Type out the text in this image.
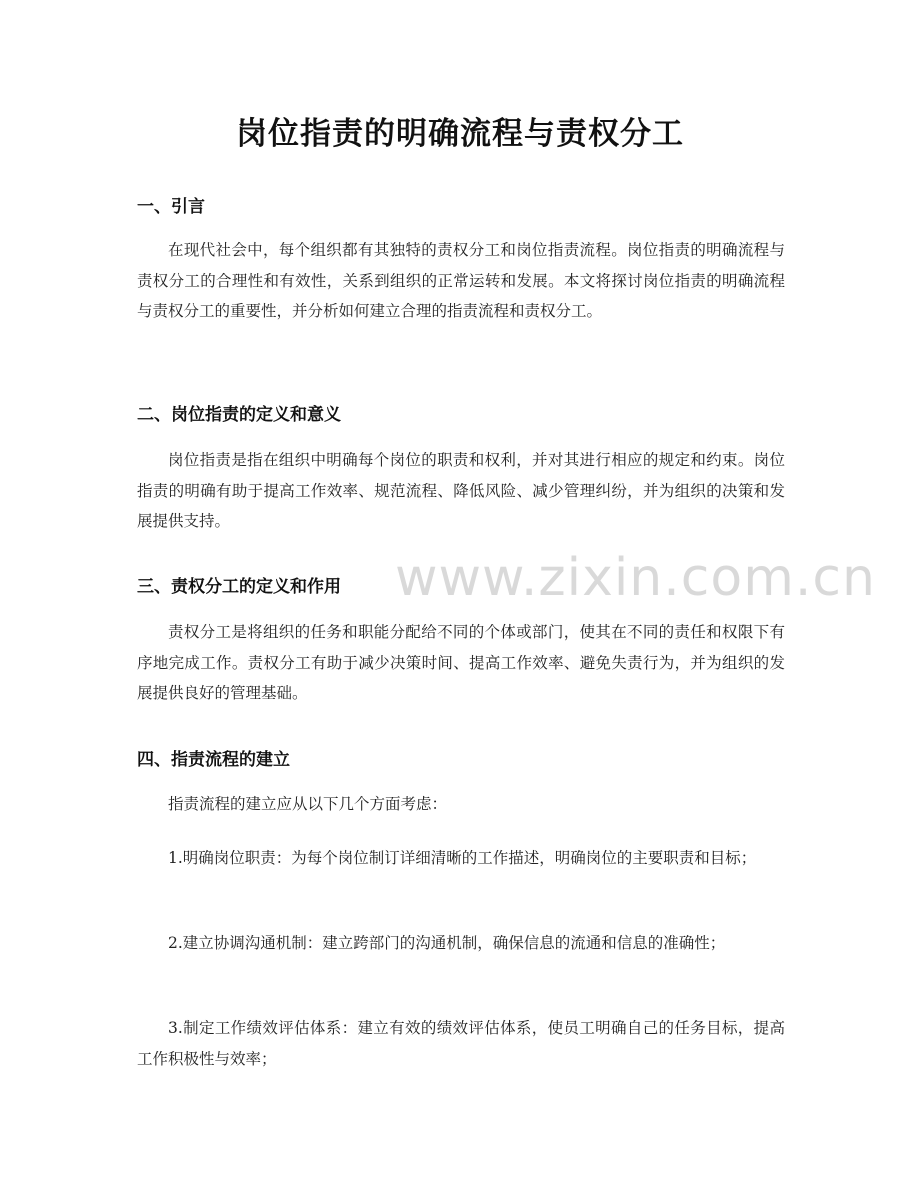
岗位指责的明确流程与责权分工
一、引言

在现代社会中，每个组织都有其独特的责权分工和岗位指责流程。岗位指责的明确流程与责权分工的合理性和有效性，关系到组织的正常运转和发展。本文将探讨岗位指责的明确流程与责权分工的重要性，并分析如何建立合理的指责流程和责权分工。

二、岗位指责的定义和意义

岗位指责是指在组织中明确每个岗位的职责和权利，并对其进行相应的规定和约束。岗位指责的明确有助于提高工作效率、规范流程、降低风险、减少管理纠纷，并为组织的决策和发展提供支持。

三、责权分工的定义和作用

责权分工是将组织的任务和职能分配给不同的个体或部门，使其在不同的责任和权限下有序地完成工作。责权分工有助于减少决策时间、提高工作效率、避免失责行为，并为组织的发展提供良好的管理基础。

四、指责流程的建立

指责流程的建立应从以下几个方面考虑：

1.明确岗位职责：为每个岗位制订详细清晰的工作描述，明确岗位的主要职责和目标；

2.建立协调沟通机制：建立跨部门的沟通机制，确保信息的流通和信息的准确性；

3.制定工作绩效评估体系：建立有效的绩效评估体系，使员工明确自己的任务目标，提高工作积极性与效率；

www.zixin.com.cn
